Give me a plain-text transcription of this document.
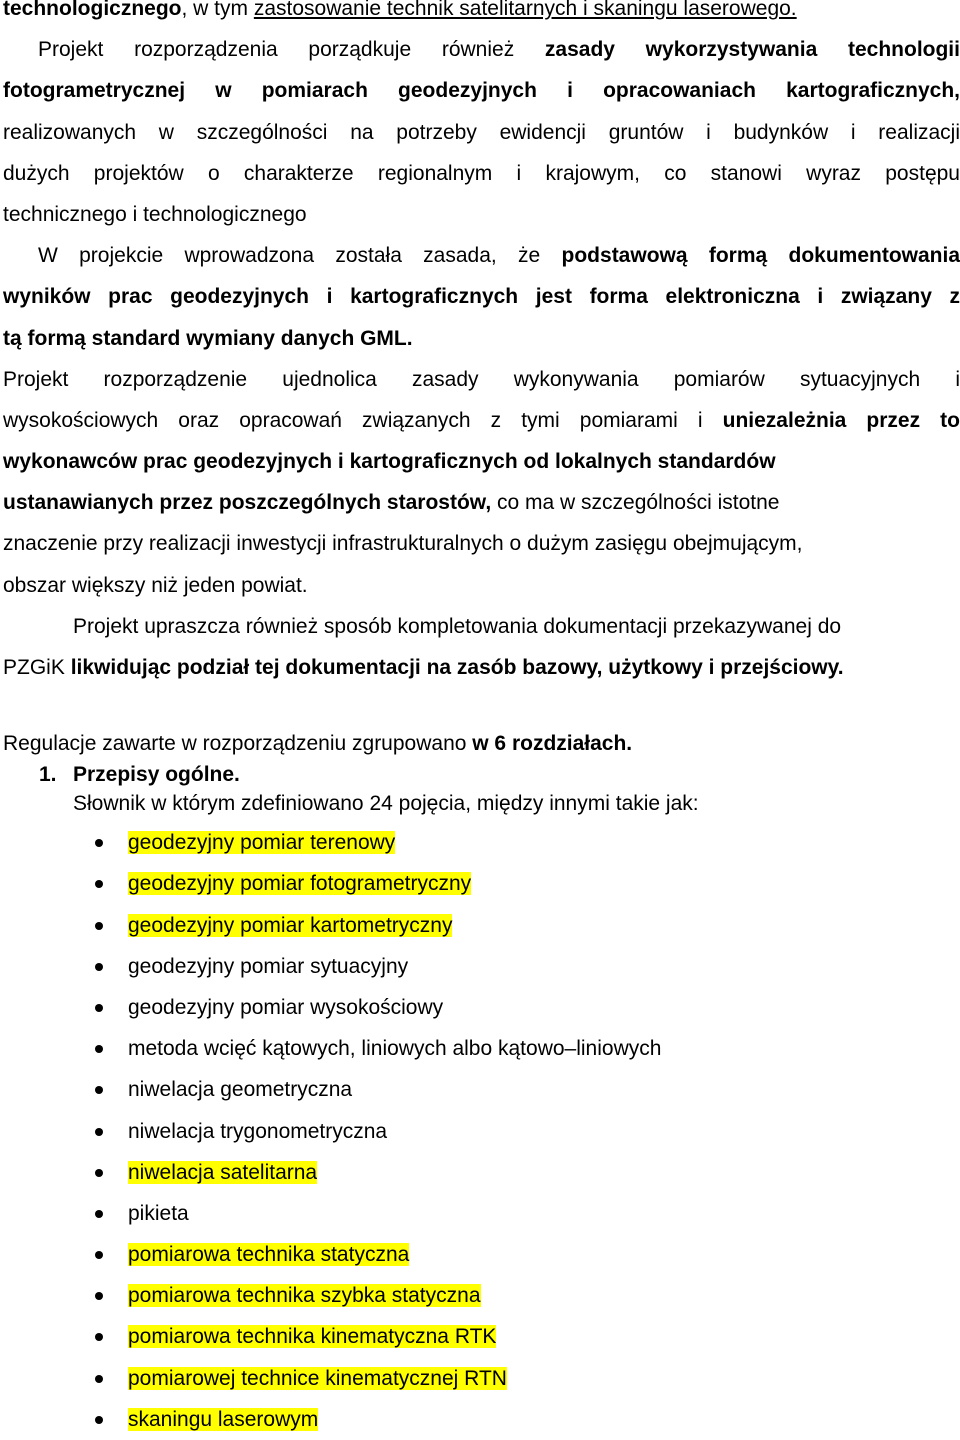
technologicznego, w tym zastosowanie technik satelitarnych i skaningu laserowego.
Projekt rozporządzenia porządkuje również zasady wykorzystywania technologii
fotogrametrycznej w pomiarach geodezyjnych i opracowaniach kartograficznych,
realizowanych w szczególności na potrzeby ewidencji gruntów i budynków i realizacji
dużych projektów o charakterze regionalnym i krajowym, co stanowi wyraz postępu
technicznego i technologicznego
W projekcie wprowadzona została zasada, że podstawową formą dokumentowania
wyników prac geodezyjnych i kartograficznych jest forma elektroniczna i związany z
tą formą standard wymiany danych GML.
Projekt rozporządzenie ujednolica zasady wykonywania pomiarów sytuacyjnych i
wysokościowych oraz opracowań związanych z tymi pomiarami i uniezależnia przez to
wykonawców prac geodezyjnych i kartograficznych od lokalnych standardów
ustanawianych przez poszczególnych starostów, co ma w szczególności istotne
znaczenie przy realizacji inwestycji infrastrukturalnych o dużym zasięgu obejmującym,
obszar większy niż jeden powiat.
Projekt upraszcza również sposób kompletowania dokumentacji przekazywanej do
PZGiK likwidując podział tej dokumentacji na zasób bazowy, użytkowy i przejściowy.
Regulacje zawarte w rozporządzeniu zgrupowano w 6 rozdziałach.
1. Przepisy ogólne.
Słownik w którym zdefiniowano 24 pojęcia, między innymi takie jak:
geodezyjny pomiar terenowy
geodezyjny pomiar fotogrametryczny
geodezyjny pomiar kartometryczny
geodezyjny pomiar sytuacyjny
geodezyjny pomiar wysokościowy
metoda wcięć kątowych, liniowych albo kątowo–liniowych
niwelacja geometryczna
niwelacja trygonometryczna
niwelacja satelitarna
pikieta
pomiarowa technika statyczna
pomiarowa technika szybka statyczna
pomiarowa technika kinematyczna RTK
pomiarowej technice kinematycznej RTN
skaningu laserowym
